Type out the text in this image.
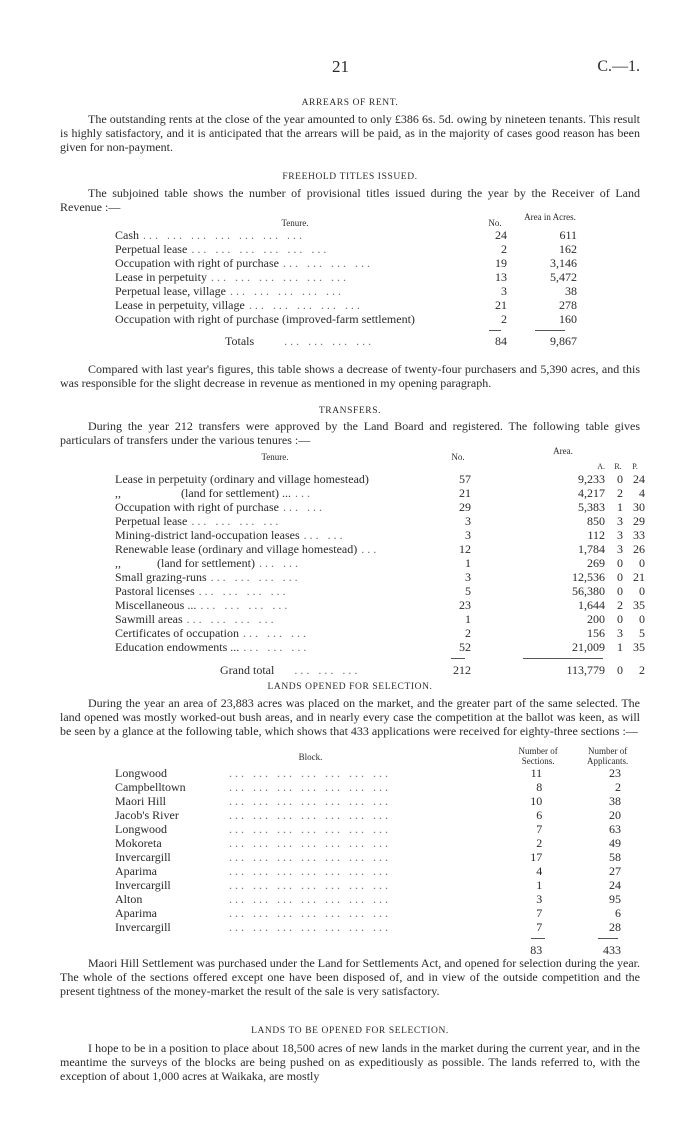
21	C.—1.
ARREARS OF RENT.

The outstanding rents at the close of the year amounted to only £386 6s. 5d. owing by nineteen tenants. This result is highly satisfactory, and it is anticipated that the arrears will be paid, as in the majority of cases good reason has been given for non-payment.

FREEHOLD TITLES ISSUED.

The subjoined table shows the number of provisional titles issued during the year by the Receiver of Land Revenue :—

Tenure.	No.	Area in Acres.
Cash ... ... ... ... ... ... ...	24	611
Perpetual lease ... ... ... ... ... ...	2	162
Occupation with right of purchase ... ... ... ...	19	3,146
Lease in perpetuity ... ... ... ... ... ...	13	5,472
Perpetual lease, village ... ... ... ... ...	3	38
Lease in perpetuity, village ... ... ... ... ...	21	278
Occupation with right of purchase (improved-farm settlement)	2	160

Totals ... ... ... ...	84	9,867

Compared with last year's figures, this table shows a decrease of twenty-four purchasers and 5,390 acres, and this was responsible for the slight decrease in revenue as mentioned in my opening paragraph.

TRANSFERS.

During the year 212 transfers were approved by the Land Board and registered. The following table gives particulars of transfers under the various tenures :—

Tenure.	No.	Area.		

		A.	R.	P.
Lease in perpetuity (ordinary and village homestead)	57	9,233	0	24
,,                    (land for settlement) ... ...	21	4,217	2	4
Occupation with right of purchase ... ...	29	5,383	1	30
Perpetual lease ... ... ... ...	3	850	3	29
Mining-district land-occupation leases ... ...	3	112	3	33
Renewable lease (ordinary and village homestead) ...	12	1,784	3	26
,,            (land for settlement) ... ...	1	269	0	0
Small grazing-runs ... ... ... ...	3	12,536	0	21
Pastoral licenses ... ... ... ...	5	56,380	0	0
Miscellaneous ... ... ... ... ...	23	1,644	2	35
Sawmill areas ... ... ... ...	1	200	0	0
Certificates of occupation ... ... ...	2	156	3	5
Education endowments ... ... ... ...	52	21,009	1	35

Grand total ... ... ...	212	113,779	0	2
LANDS OPENED FOR SELECTION.

During the year an area of 23,883 acres was placed on the market, and the greater part of the same selected. The land opened was mostly worked-out bush areas, and in nearly every case the competition at the ballot was keen, as will be seen by a glance at the following table, which shows that 433 applications were received for eighty-three sections :—

Block.	Number of Sections.	Number of Applicants.
Longwood ... ... ... ... ... ... ...	11	23
Campbelltown ... ... ... ... ... ... ...	8	2
Maori Hill ... ... ... ... ... ... ...	10	38
Jacob's River ... ... ... ... ... ... ...	6	20
Longwood ... ... ... ... ... ... ...	7	63
Mokoreta ... ... ... ... ... ... ...	2	49
Invercargill ... ... ... ... ... ... ...	17	58
Aparima ... ... ... ... ... ... ...	4	27
Invercargill ... ... ... ... ... ... ...	1	24
Alton ... ... ... ... ... ... ...	3	95
Aparima ... ... ... ... ... ... ...	7	6
Invercargill ... ... ... ... ... ... ...	7	28

	83	433

Maori Hill Settlement was purchased under the Land for Settlements Act, and opened for selection during the year. The whole of the sections offered except one have been disposed of, and in view of the outside competition and the present tightness of the money-market the result of the sale is very satisfactory.

LANDS TO BE OPENED FOR SELECTION.

I hope to be in a position to place about 18,500 acres of new lands in the market during the current year, and in the meantime the surveys of the blocks are being pushed on as expeditiously as possible. The lands referred to, with the exception of about 1,000 acres at Waikaka, are mostly
